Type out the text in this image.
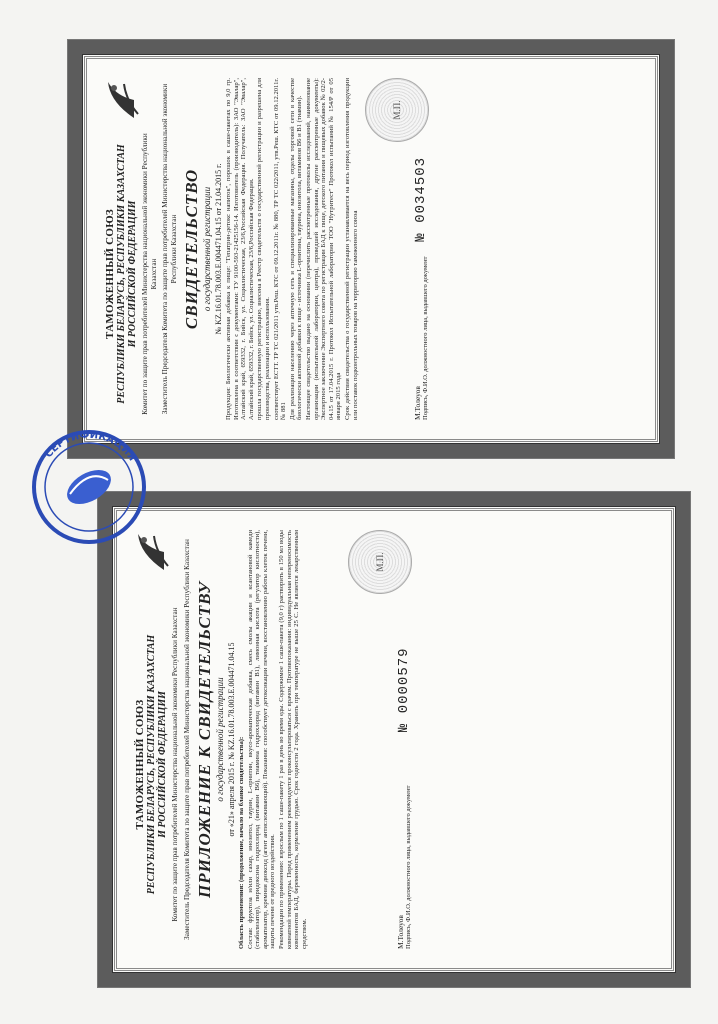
ТАМОЖЕННЫЙ СОЮЗ РЕСПУБЛИКИ БЕЛАРУСЬ, РЕСПУБЛИКИ КАЗАХСТАН И РОССИЙСКОЙ ФЕДЕРАЦИИ Комитет по защите прав потребителей Министерства национальной экономики Республики Казахстан Заместитель Председателя Комитета по защите прав потребителей Министерства национальной экономики Республики Казахстан СВИДЕТЕЛЬСТВО о государственной регистрации № KZ.16.01.78.003.E.004471.04.15 от 21.04.2015 г. Продукция: Биологически активная добавка к пище: "Гепатрин-детокс напиток", порошок в саше-пакетах по 9,0 гр. Изготовлена в соответствии с документами: ТУ 9100-593-21425156-14. Изготовитель (производитель): ЗАО "Эвалар", Алтайский край, 659332, г. Бийск, ул. Социалистическая, 23/6,Российская Федерация. Получатель: ЗАО "Эвалар", Алтайский край, 659332, г. Бийск, ул. Социалистическая, 23/6,Российская Федерация. прошла государственную регистрацию, внесена в Реестр свидетельств о государственной регистрации и разрешена для производства, реализации и использования. соответствует ЕСТТ. ТР ТС 021/2011 утв.Реш. КТС от 09.12.2011г. № 880, ТР ТС 022/2011, утв.Реш. КТС от 09.12.2011г. № 881 Для реализации населению через аптечную сеть и специализированные магазины, отделы торговой сети в качестве биологически активной добавки к пище - источника L-орнитина, таурина, инозитола, витаминов В6 и В1 (тиамин). Настоящее свидетельство выдано на основании (перечислить рассмотренные протоколы исследований, наименование организации (испытательной лаборатории, центра), проведшей исследования, другие рассмотренные документы): Экспертное заключение Экспертного совета по регистрации БАД к пище, детского питания и пищевых добавок № 02/2-04.15 от 17.04.2015 г. Протокол Испытательной лаборатории ТОО "Нутритест" Протокол испытаний № 154/Р от 05 января 2015 года Срок действия свидетельства о государственной регистрации устанавливается на весь период изготовления продукции или поставок подконтрольных товаров на территорию таможенного союза	М.Толеуов Подпись, Ф.И.О. должностного лица, выдавшего документ
№ 0034503
М.П.
ТАМОЖЕННЫЙ СОЮЗ РЕСПУБЛИКИ БЕЛАРУСЬ, РЕСПУБЛИКИ КАЗАХСТАН И РОССИЙСКОЙ ФЕДЕРАЦИИ Комитет по защите прав потребителей Министерства национальной экономики Республики Казахстан Заместитель Председателя Комитета по защите прав потребителей Министерства национальной экономики Республики Казахстан ПРИЛОЖЕНИЕ К СВИДЕТЕЛЬСТВУ о государственной регистрации
от «21» апреля 2015 г. № KZ.16.01.78.003.E.004471.04.15

Область применения: (продолжение, начало на бланке свидетельства): Состав: фруктоза и/или сахар, инозитол, таурин, L-орнитин, вкусо-ароматическая добавка, смесь смолы акации и ксантановой камеди (стабилизатор), пиридоксина гидрохлорид (витамин В6), тиамина гидрохлорид (витамин В1), лимонная кислота (регулятор кислотности), ароматизатор, кремния диоксид (агент антислеживающий). Показания: способствует детоксикации печени, восстановлению работы клеток печени, защиты печени от вредного воздействия. Рекомендации по применению: взрослым по 1 саше-пакету 1 раз в день во время еды. Содержимое 1 саше-пакета (9,0 г) растворить в 150 мл воды комнатной температуры. Перед применением рекомендуется проконсультироваться с врачом. Противопоказания: индивидуальная непереносимость компонентов БАД, беременность, кормление грудью. Срок годности 2 года. Хранить при температуре не выше 25 С. Не является лекарственным средством.	М.Толеуов Подпись, Ф.И.О. должностного лица, выдавшего документ
№ 0000579
М.П.
СЕРТИФИКАЦИЯ
